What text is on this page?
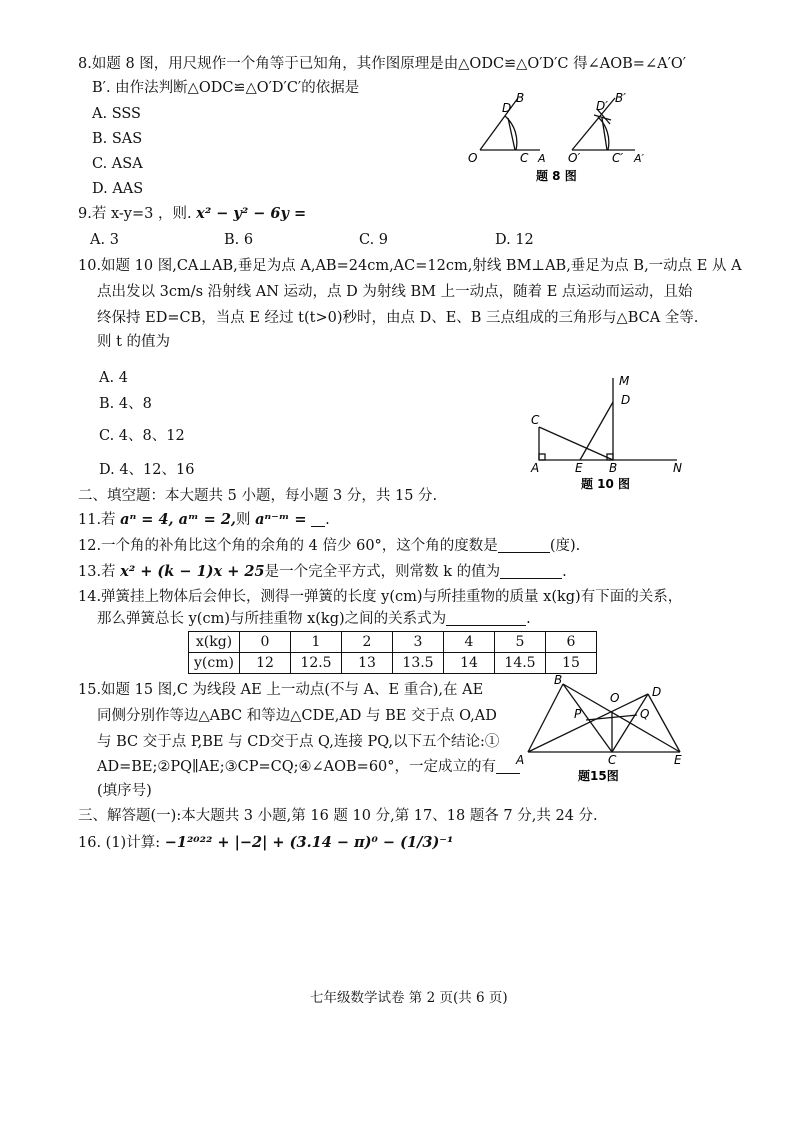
8.如题 8 图，用尺规作一个角等于已知角，其作图原理是由△ODC≌△O′D′C 得∠AOB=∠A′O′
B′. 由作法判断△ODC≌△O′D′C′的依据是
A. SSS
B. SAS
C. ASA
D. AAS
O	C A
B
D
O′	C′ A′
B′
D′
题 8 图
9.若 x-y=3 ，则. x² − y² − 6y =
A. 3	B. 6	C. 9	D. 12
10.如题 10 图,CA⊥AB,垂足为点 A,AB=24cm,AC=12cm,射线 BM⊥AB,垂足为点 B,一动点 E 从 A
点出发以 3cm/s 沿射线 AN 运动，点 D 为射线 BM 上一动点，随着 E 点运动而运动，且始
终保持 ED=CB，当点 E 经过 t(t>0)秒时，由点 D、E、B 三点组成的三角形与△BCA 全等.
则 t 的值为
A. 4
B. 4、8
C. 4、8、12
D. 4、12、16
M
D
C
A	E B	N
题 10 图
二、填空题：本大题共 5 小题，每小题 3 分，共 15 分.
11.若 aⁿ = 4, aᵐ = 2,则 aⁿ⁻ᵐ = .
12.一个角的补角比这个角的余角的 4 倍少 60°，这个角的度数是	(度).
13.若 x² + (k − 1)x + 25是一个完全平方式，则常数 k 的值为	.
14.弹簧挂上物体后会伸长，测得一弹簧的长度 y(cm)与所挂重物的质量 x(kg)有下面的关系，
那么弹簧总长 y(cm)与所挂重物 x(kg)之间的关系式为	.
x(kg)	0	1	2	3	4	5	6
y(cm)	12	12.5	13	13.5	14	14.5	15
15.如题 15 图,C 为线段 AE 上一动点(不与 A、E 重合),在 AE
同侧分别作等边△ABC 和等边△CDE,AD 与 BE 交于点 O,AD
与 BC 交于点 P,BE 与 CD交于点 Q,连接 PQ,以下五个结论:①
AD=BE;②PQ∥AE;③CP=CQ;④∠AOB=60°，一定成立的有
(填序号)
B
D
O
P	Q
A	C	E
题15图
三、解答题(一):本大题共 3 小题,第 16 题 10 分,第 17、18 题各 7 分,共 24 分.
16. (1)计算: −1²⁰²² + |−2| + (3.14 − π)⁰ − (1/3)⁻¹
七年级数学试卷 第 2 页(共 6 页)
